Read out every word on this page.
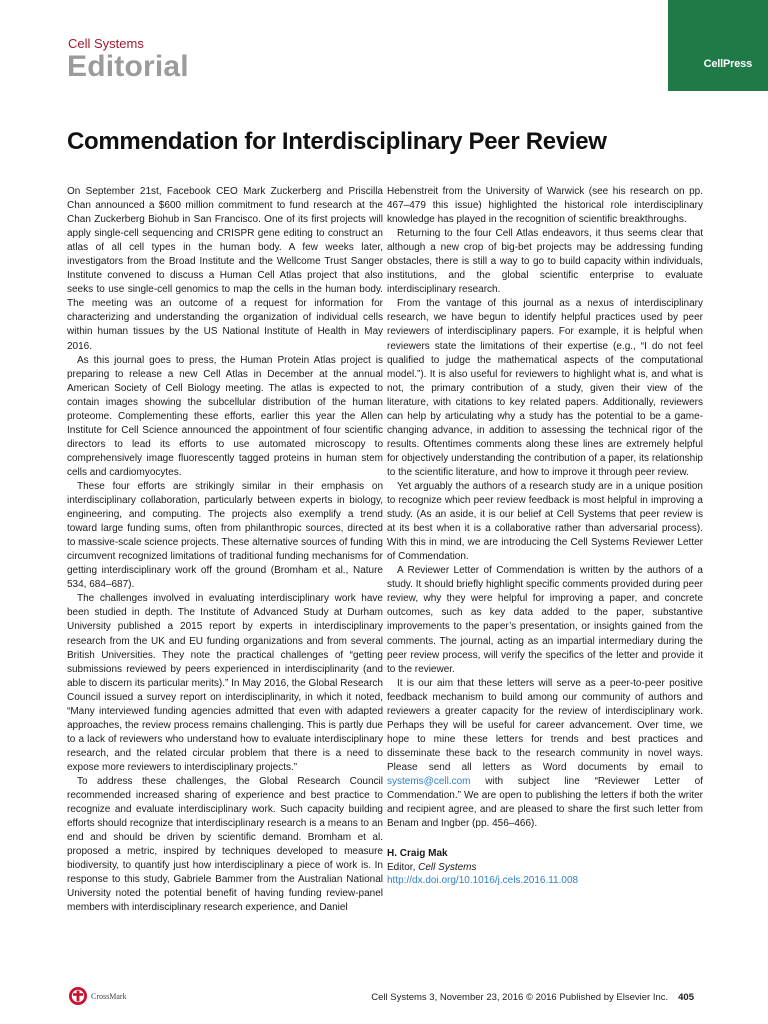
Cell Systems
Editorial	CellPress
Commendation for Interdisciplinary Peer Review

On September 21st, Facebook CEO Mark Zuckerberg and Priscilla Chan announced a $600 million commitment to fund research at the Chan Zuckerberg Biohub in San Francisco. One of its first projects will apply single-cell sequencing and CRISPR gene editing to construct an atlas of all cell types in the human body. A few weeks later, investigators from the Broad Institute and the Wellcome Trust Sanger Institute convened to discuss a Human Cell Atlas project that also seeks to use single-cell genomics to map the cells in the human body. The meeting was an outcome of a request for information for characterizing and understanding the organization of individual cells within human tissues by the US National Institute of Health in May 2016.

As this journal goes to press, the Human Protein Atlas project is preparing to release a new Cell Atlas in December at the annual American Society of Cell Biology meeting. The atlas is expected to contain images showing the subcellular distribution of the human proteome. Complementing these efforts, earlier this year the Allen Institute for Cell Science announced the appointment of four scientific directors to lead its efforts to use automated microscopy to comprehensively image fluorescently tagged proteins in human stem cells and cardiomyocytes.

These four efforts are strikingly similar in their emphasis on interdisciplinary collaboration, particularly between experts in biology, engineering, and computing. The projects also exemplify a trend toward large funding sums, often from philanthropic sources, directed to massive-scale science projects. These alternative sources of funding circumvent recognized limitations of traditional funding mechanisms for getting interdisciplinary work off the ground (Bromham et al., Nature 534, 684–687).

The challenges involved in evaluating interdisciplinary work have been studied in depth. The Institute of Advanced Study at Durham University published a 2015 report by experts in interdisciplinary research from the UK and EU funding organizations and from several British Universities. They note the practical challenges of “getting submissions reviewed by peers experienced in interdisciplinarity (and able to discern its particular merits).” In May 2016, the Global Research Council issued a survey report on interdisciplinarity, in which it noted, “Many interviewed funding agencies admitted that even with adapted approaches, the review process remains challenging. This is partly due to a lack of reviewers who understand how to evaluate interdisciplinary research, and the related circular problem that there is a need to expose more reviewers to interdisciplinary projects.”

To address these challenges, the Global Research Council recommended increased sharing of experience and best practice to recognize and evaluate interdisciplinary work. Such capacity building efforts should recognize that interdisciplinary research is a means to an end and should be driven by scientific demand. Bromham et al. proposed a metric, inspired by techniques developed to measure biodiversity, to quantify just how interdisciplinary a piece of work is. In response to this study, Gabriele Bammer from the Australian National University noted the potential benefit of having funding review-panel members with interdisciplinary research experience, and Daniel

Hebenstreit from the University of Warwick (see his research on pp. 467–479 this issue) highlighted the historical role interdisciplinary knowledge has played in the recognition of scientific breakthroughs.

Returning to the four Cell Atlas endeavors, it thus seems clear that although a new crop of big-bet projects may be addressing funding obstacles, there is still a way to go to build capacity within individuals, institutions, and the global scientific enterprise to evaluate interdisciplinary research.

From the vantage of this journal as a nexus of interdisciplinary research, we have begun to identify helpful practices used by peer reviewers of interdisciplinary papers. For example, it is helpful when reviewers state the limitations of their expertise (e.g., “I do not feel qualified to judge the mathematical aspects of the computational model.”). It is also useful for reviewers to highlight what is, and what is not, the primary contribution of a study, given their view of the literature, with citations to key related papers. Additionally, reviewers can help by articulating why a study has the potential to be a game-changing advance, in addition to assessing the technical rigor of the results. Oftentimes comments along these lines are extremely helpful for objectively understanding the contribution of a paper, its relationship to the scientific literature, and how to improve it through peer review.

Yet arguably the authors of a research study are in a unique position to recognize which peer review feedback is most helpful in improving a study. (As an aside, it is our belief at Cell Systems that peer review is at its best when it is a collaborative rather than adversarial process). With this in mind, we are introducing the Cell Systems Reviewer Letter of Commendation.

A Reviewer Letter of Commendation is written by the authors of a study. It should briefly highlight specific comments provided during peer review, why they were helpful for improving a paper, and concrete outcomes, such as key data added to the paper, substantive improvements to the paper’s presentation, or insights gained from the comments. The journal, acting as an impartial intermediary during the peer review process, will verify the specifics of the letter and provide it to the reviewer.

It is our aim that these letters will serve as a peer-to-peer positive feedback mechanism to build among our community of authors and reviewers a greater capacity for the review of interdisciplinary work. Perhaps they will be useful for career advancement. Over time, we hope to mine these letters for trends and best practices and disseminate these back to the research community in novel ways. Please send all letters as Word documents by email to systems@cell.com with subject line “Reviewer Letter of Commendation.” We are open to publishing the letters if both the writer and recipient agree, and are pleased to share the first such letter from Benam and Ingber (pp. 456–466).

H. Craig Mak
Editor, Cell Systems
http://dx.doi.org/10.1016/j.cels.2016.11.008
CrossMark	Cell Systems 3, November 23, 2016 © 2016 Published by Elsevier Inc. 405
